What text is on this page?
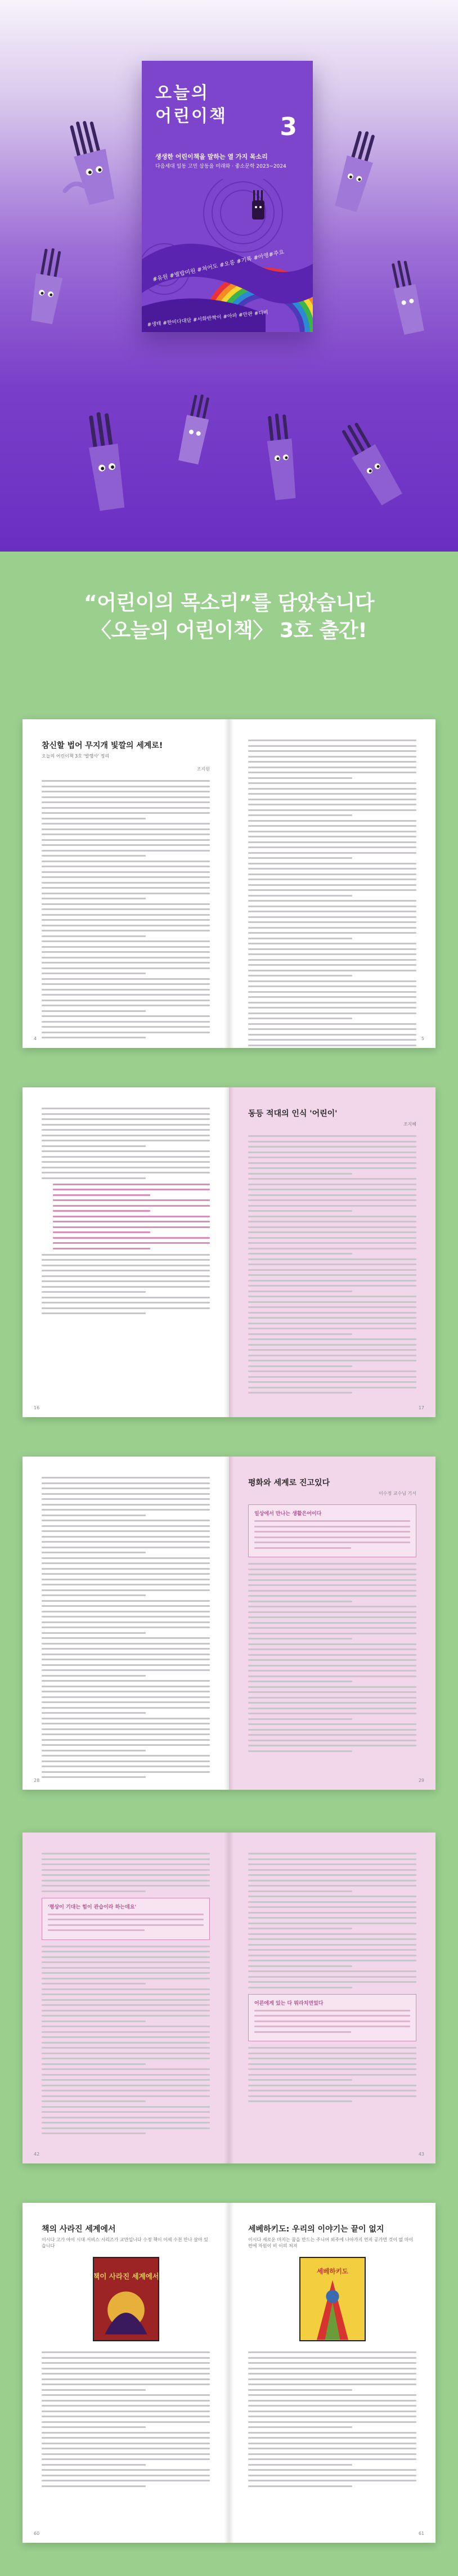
오늘의
어린이책 3
생생한 어린이책을 말하는 열 가지 목소리
다음세대 일동 고민 삼동을 미래와 · 좋소문학 2023~2024
#유원 #별밥미원 #쳐어도 #오롱 #기록 #아영#주요
#생태 #한비다대담 #서화반짝이 #아파 #만판 #디비
“어린이의 목소리”를 담았습니다
〈오늘의 어린이책〉 3호 출간!
참신할 법어 무지개 빛깔의 세계로!
오늘의 어린이책 3호 '발행사' 정리
조지원
4	5
16
동등 적대의 인식 '어린이'
조지혜
17
28
평화와 세계로 진고있다
이수정 교수님 기서
일상에서 만나는 생활은어이다
29
'평상이 기대는 힘이 관습이라 하는데요'
42
어른에게 있는 다 뭐라치면었다
43
책의 사라진 세계에서
이시다 고가 아이 시대 서비스 시리즈가 교만입니다 수정 책이 이세 수천 만나 살아 있습니다
책이 사라진 세계에서
60
세베하키도: 우리의 이야기는 끝이 없지
이시다 새로운 마지는 꿈을 만드는 주니어 외주에 나아가지 먼저 공가면 것이 없 마이 편에 자원이 비 이의 처져
세베하키도
61
